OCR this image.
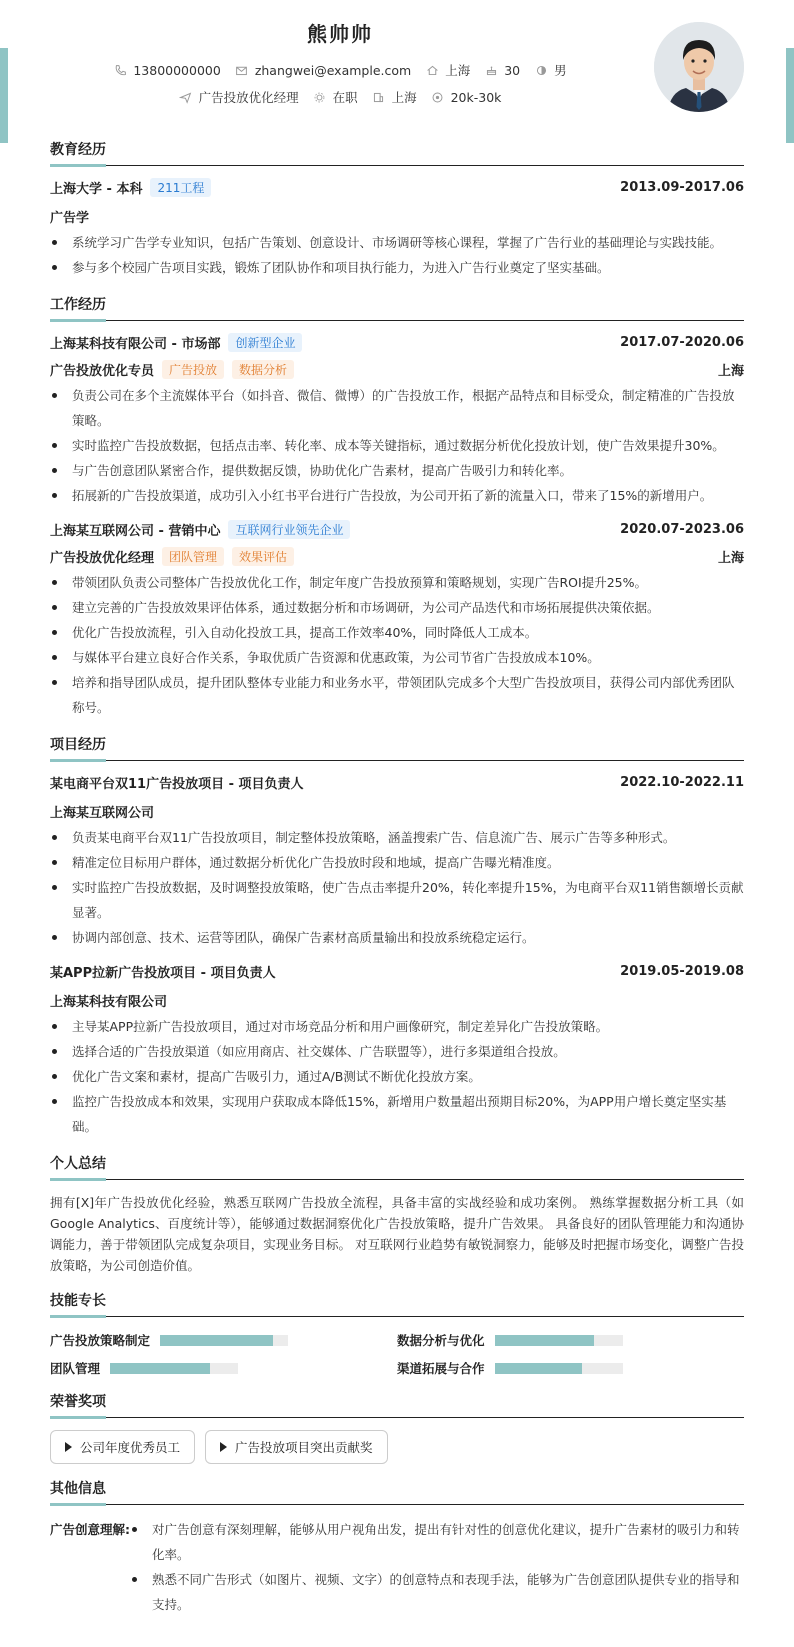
熊帅帅
13800000000	zhangwei@example.com	上海	30	男
广告投放优化经理	在职	上海	20k-30k
教育经历
上海大学 - 本科	211工程	2013.09-2017.06
广告学
系统学习广告学专业知识，包括广告策划、创意设计、市场调研等核心课程，掌握了广告行业的基础理论与实践技能。
参与多个校园广告项目实践，锻炼了团队协作和项目执行能力，为进入广告行业奠定了坚实基础。
工作经历
上海某科技有限公司 - 市场部	创新型企业	2017.07-2020.06
广告投放优化专员	广告投放	数据分析	上海
负责公司在多个主流媒体平台（如抖音、微信、微博）的广告投放工作，根据产品特点和目标受众，制定精准的广告投放策略。
实时监控广告投放数据，包括点击率、转化率、成本等关键指标，通过数据分析优化投放计划，使广告效果提升30%。
与广告创意团队紧密合作，提供数据反馈，协助优化广告素材，提高广告吸引力和转化率。
拓展新的广告投放渠道，成功引入小红书平台进行广告投放，为公司开拓了新的流量入口，带来了15%的新增用户。
上海某互联网公司 - 营销中心	互联网行业领先企业	2020.07-2023.06
广告投放优化经理	团队管理	效果评估	上海
带领团队负责公司整体广告投放优化工作，制定年度广告投放预算和策略规划，实现广告ROI提升25%。
建立完善的广告投放效果评估体系，通过数据分析和市场调研，为公司产品迭代和市场拓展提供决策依据。
优化广告投放流程，引入自动化投放工具，提高工作效率40%，同时降低人工成本。
与媒体平台建立良好合作关系，争取优质广告资源和优惠政策，为公司节省广告投放成本10%。
培养和指导团队成员，提升团队整体专业能力和业务水平，带领团队完成多个大型广告投放项目，获得公司内部优秀团队称号。
项目经历
某电商平台双11广告投放项目 - 项目负责人	2022.10-2022.11
上海某互联网公司
负责某电商平台双11广告投放项目，制定整体投放策略，涵盖搜索广告、信息流广告、展示广告等多种形式。
精准定位目标用户群体，通过数据分析优化广告投放时段和地域，提高广告曝光精准度。
实时监控广告投放数据，及时调整投放策略，使广告点击率提升20%，转化率提升15%，为电商平台双11销售额增长贡献显著。
协调内部创意、技术、运营等团队，确保广告素材高质量输出和投放系统稳定运行。
某APP拉新广告投放项目 - 项目负责人	2019.05-2019.08
上海某科技有限公司
主导某APP拉新广告投放项目，通过对市场竞品分析和用户画像研究，制定差异化广告投放策略。
选择合适的广告投放渠道（如应用商店、社交媒体、广告联盟等），进行多渠道组合投放。
优化广告文案和素材，提高广告吸引力，通过A/B测试不断优化投放方案。
监控广告投放成本和效果，实现用户获取成本降低15%，新增用户数量超出预期目标20%，为APP用户增长奠定坚实基础。
个人总结
拥有[X]年广告投放优化经验，熟悉互联网广告投放全流程，具备丰富的实战经验和成功案例。 熟练掌握数据分析工具（如Google Analytics、百度统计等），能够通过数据洞察优化广告投放策略，提升广告效果。 具备良好的团队管理能力和沟通协调能力，善于带领团队完成复杂项目，实现业务目标。 对互联网行业趋势有敏锐洞察力，能够及时把握市场变化，调整广告投放策略，为公司创造价值。
技能专长
广告投放策略制定	数据分析与优化
团队管理	渠道拓展与合作
荣誉奖项
公司年度优秀员工	广告投放项目突出贡献奖
其他信息
广告创意理解:	对广告创意有深刻理解，能够从用户视角出发，提出有针对性的创意优化建议，提升广告素材的吸引力和转化率。
熟悉不同广告形式（如图片、视频、文字）的创意特点和表现手法，能够为广告创意团队提供专业的指导和支持。
